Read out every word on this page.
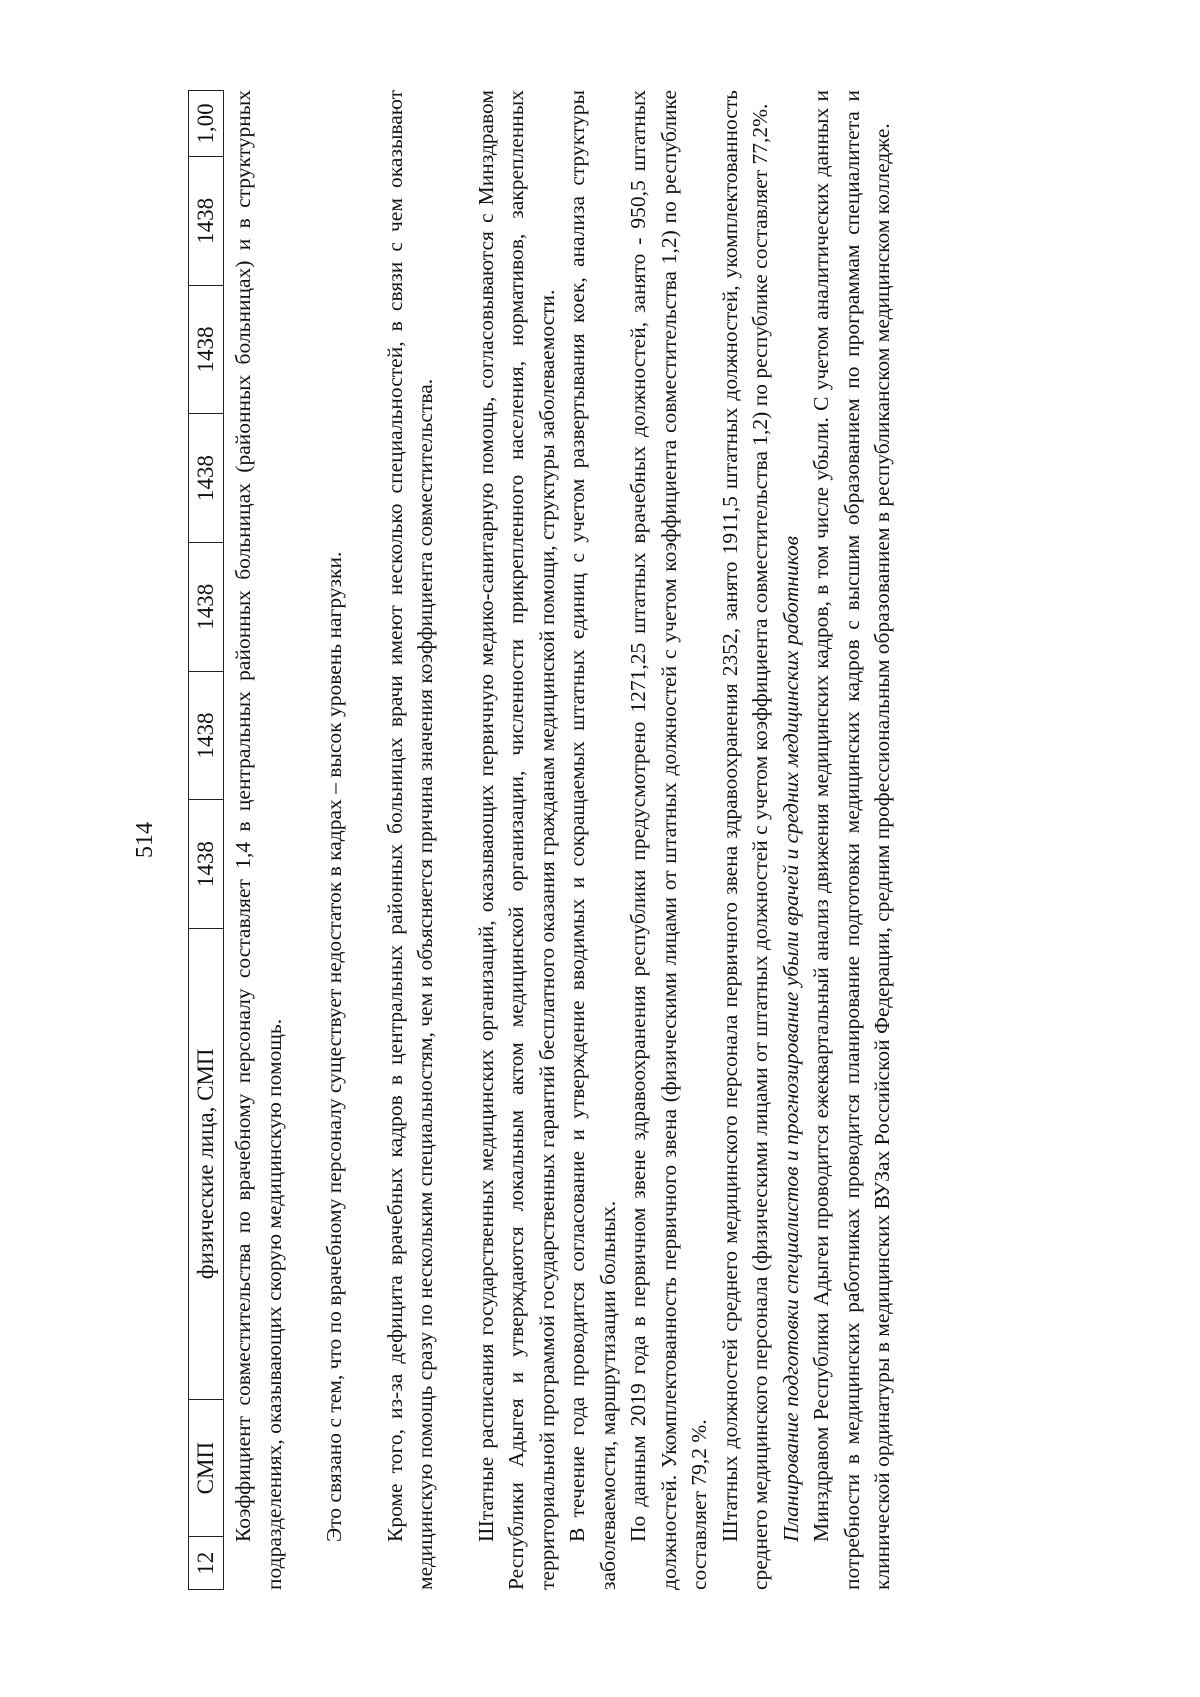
514
12	СМП	физические лица, СМП	1438	1438	1438	1438	1438	1438	1,00 Коэффициент совместительства по врачебному персоналу составляет 1,4 в центральных районных больницах (районных больницах) и в структурных подразделениях, оказывающих скорую медицинскую помощь. Это связано с тем, что по врачебному персоналу существует недостаток в кадрах – высок уровень нагрузки. Кроме того, из-за дефицита врачебных кадров в центральных районных больницах врачи имеют несколько специальностей, в связи с чем оказывают медицинскую помощь сразу по нескольким специальностям, чем и объясняется причина значения коэффициента совместительства. Штатные расписания государственных медицинских организаций, оказывающих первичную медико-санитарную помощь, согласовываются с Минздравом Республики Адыгея и утверждаются локальным актом медицинской организации, численности прикрепленного населения, нормативов, закрепленных территориальной программой государственных гарантий бесплатного оказания гражданам медицинской помощи, структуры заболеваемости. В течение года проводится согласование и утверждение вводимых и сокращаемых штатных единиц с учетом развертывания коек, анализа структуры заболеваемости, маршрутизации больных. По данным 2019 года в первичном звене здравоохранения республики предусмотрено 1271,25 штатных врачебных должностей, занято - 950,5 штатных должностей. Укомплектованность первичного звена (физическими лицами от штатных должностей с учетом коэффициента совместительства 1,2) по республике составляет 79,2 %. Штатных должностей среднего медицинского персонала первичного звена здравоохранения 2352, занято 1911,5 штатных должностей, укомплектованность среднего медицинского персонала (физическими лицами от штатных должностей с учетом коэффициента совместительства 1,2) по республике составляет 77,2%. Планирование подготовки специалистов и прогнозирование убыли врачей и средних медицинских работников Минздравом Республики Адыгеи проводится ежеквартальный анализ движения медицинских кадров, в том числе убыли. С учетом аналитических данных и потребности в медицинских работниках проводится планирование подготовки медицинских кадров с высшим образованием по программам специалитета и клинической ординатуры в медицинских ВУЗах Российской Федерации, средним профессиональным образованием в республиканском медицинском колледже.
